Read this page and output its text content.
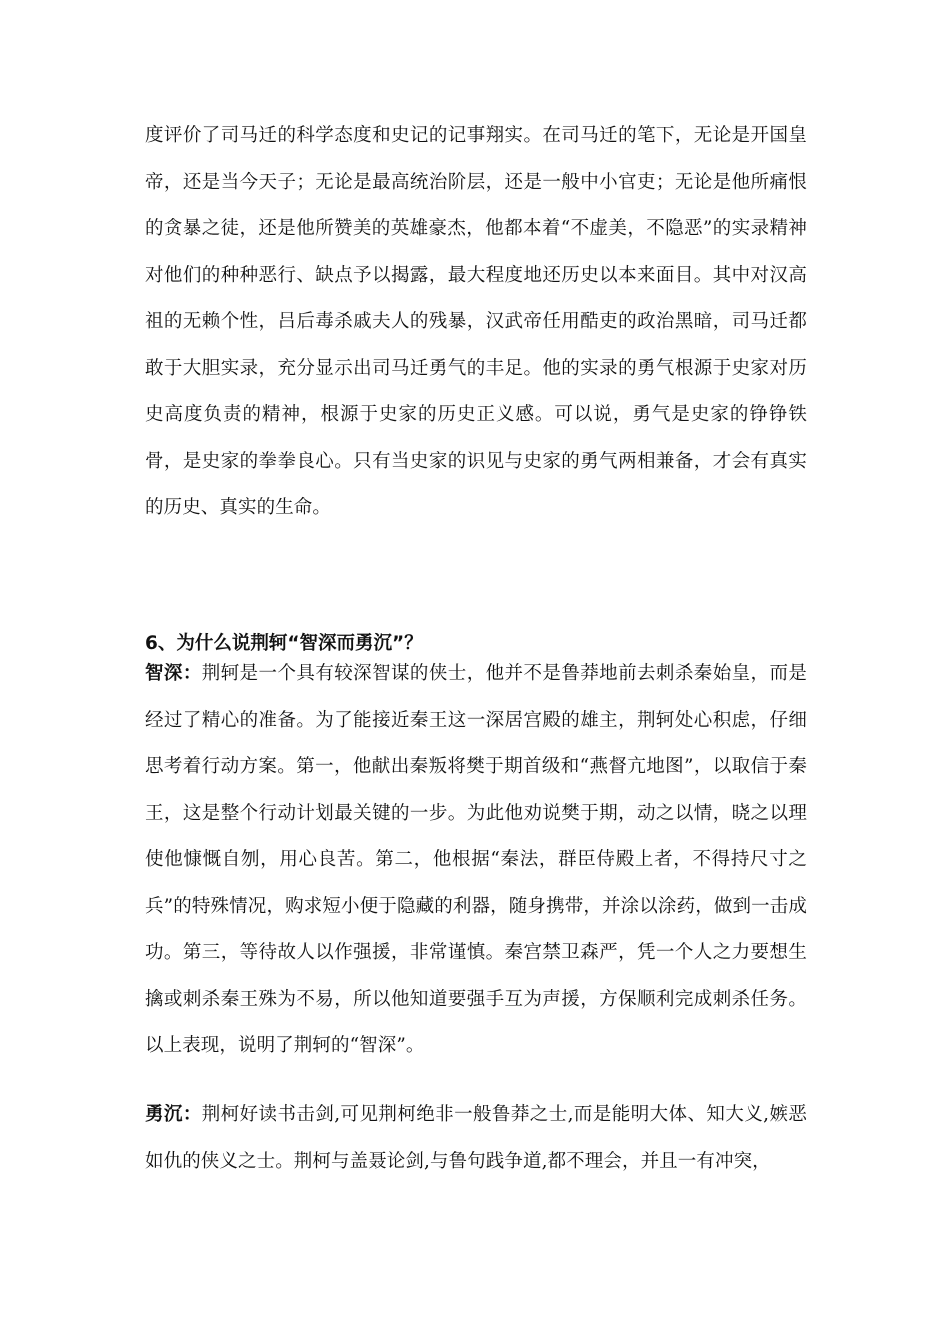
度评价了司马迁的科学态度和史记的记事翔实。在司马迁的笔下，无论是开国皇帝，还是当今天子；无论是最高统治阶层，还是一般中小官吏；无论是他所痛恨的贪暴之徒，还是他所赞美的英雄豪杰，他都本着“不虚美，不隐恶”的实录精神对他们的种种恶行、缺点予以揭露，最大程度地还历史以本来面目。其中对汉高祖的无赖个性，吕后毒杀戚夫人的残暴，汉武帝任用酷吏的政治黑暗，司马迁都敢于大胆实录，充分显示出司马迁勇气的丰足。他的实录的勇气根源于史家对历史高度负责的精神，根源于史家的历史正义感。可以说，勇气是史家的铮铮铁骨，是史家的拳拳良心。只有当史家的识见与史家的勇气两相兼备，才会有真实的历史、真实的生命。

6、为什么说荆轲“智深而勇沉”？

智深：荆轲是一个具有较深智谋的侠士，他并不是鲁莽地前去刺杀秦始皇，而是经过了精心的准备。为了能接近秦王这一深居宫殿的雄主，荆轲处心积虑，仔细思考着行动方案。第一，他献出秦叛将樊于期首级和“燕督亢地图”，以取信于秦王，这是整个行动计划最关键的一步。为此他劝说樊于期，动之以情，晓之以理使他慷慨自刎，用心良苦。第二，他根据“秦法，群臣侍殿上者，不得持尺寸之兵”的特殊情况，购求短小便于隐藏的利器，随身携带，并涂以涂药，做到一击成功。第三，等待故人以作强援，非常谨慎。秦宫禁卫森严，凭一个人之力要想生擒或刺杀秦王殊为不易，所以他知道要强手互为声援，方保顺利完成刺杀任务。以上表现，说明了荆轲的“智深”。

勇沉：荆柯好读书击剑,可见荆柯绝非一般鲁莽之士,而是能明大体、知大义,嫉恶如仇的侠义之士。荆柯与盖聂论剑,与鲁句践争道,都不理会，并且一有冲突，
